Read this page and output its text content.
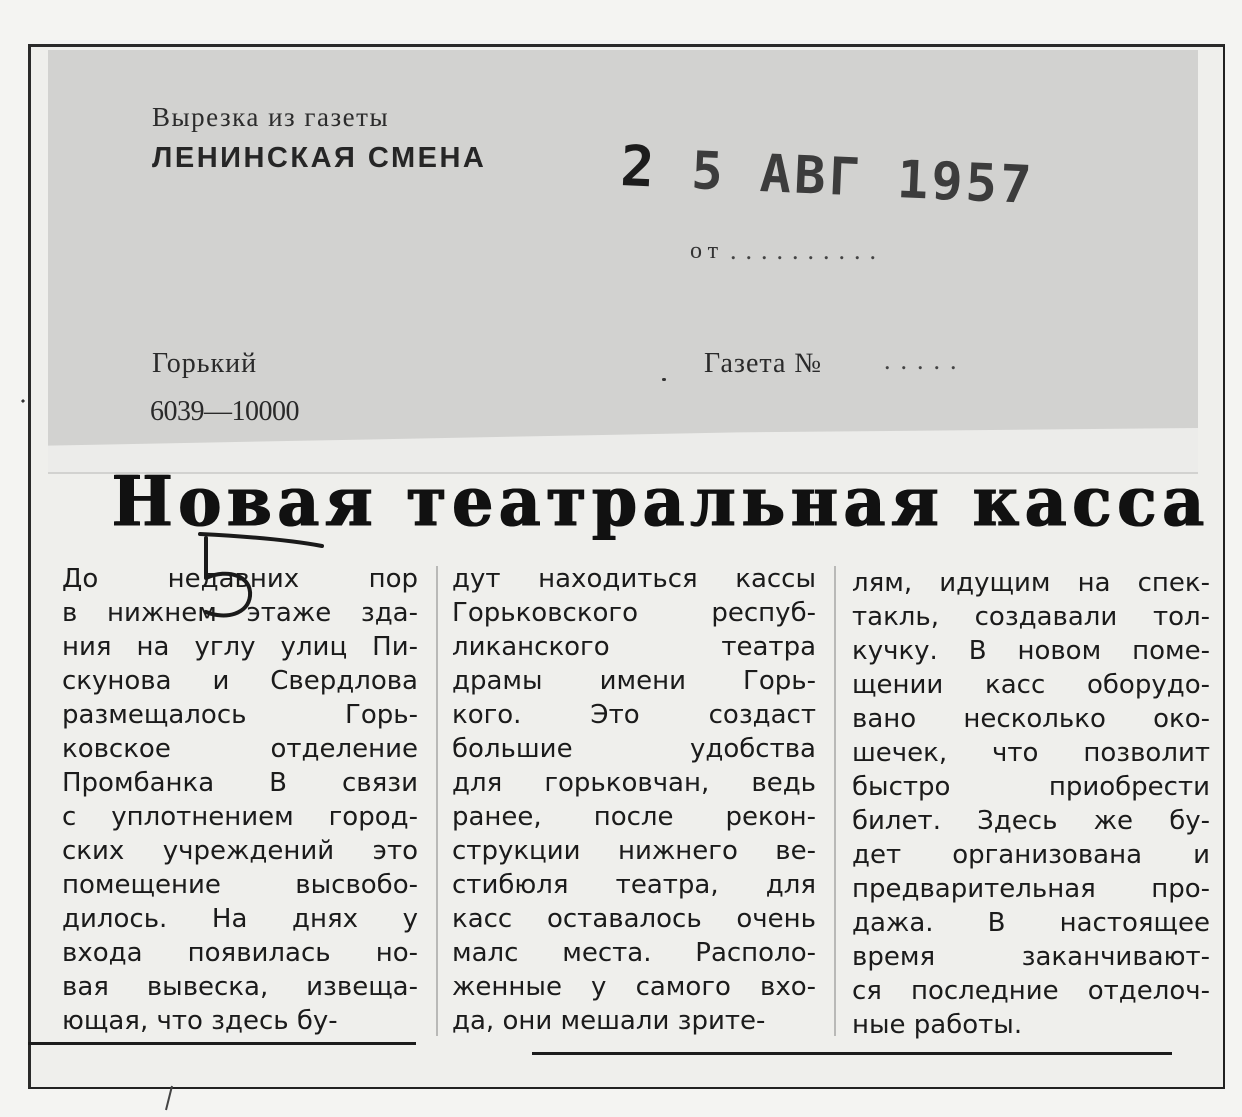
Вырезка из газеты
ЛЕНИНСКАЯ СМЕНА 2 5 АВГ 1957
от ..........
Горький
6039—10000
Газета № .....
Новая театральная касса
До недавних пор
в нижнем этаже зда-
ния на углу улиц Пи-
скунова и Свердлова
размещалось Горь-
ковское отделение
Промбанка В связи
с уплотнением город-
ских учреждений это
помещение высвобо-
дилось. На днях у
входа появилась но-
вая вывеска, извеща-
ющая, что здесь бу-
дут находиться кассы
Горьковского респуб-
ликанского театра
драмы имени Горь-
кого. Это создаст
большие удобства
для горьковчан, ведь
ранее, после рекон-
струкции нижнего ве-
стибюля театра, для
касс оставалось очень
малс места. Располо-
женные у самого вхо-
да, они мешали зрите-
лям, идущим на спек-
такль, создавали тол-
кучку. В новом поме-
щении касс оборудо-
вано несколько око-
шечек, что позволит
быстро приобрести
билет. Здесь же бу-
дет организована и
предварительная про-
дажа. В настоящее
время заканчивают-
ся последние отделоч-
ные работы.
